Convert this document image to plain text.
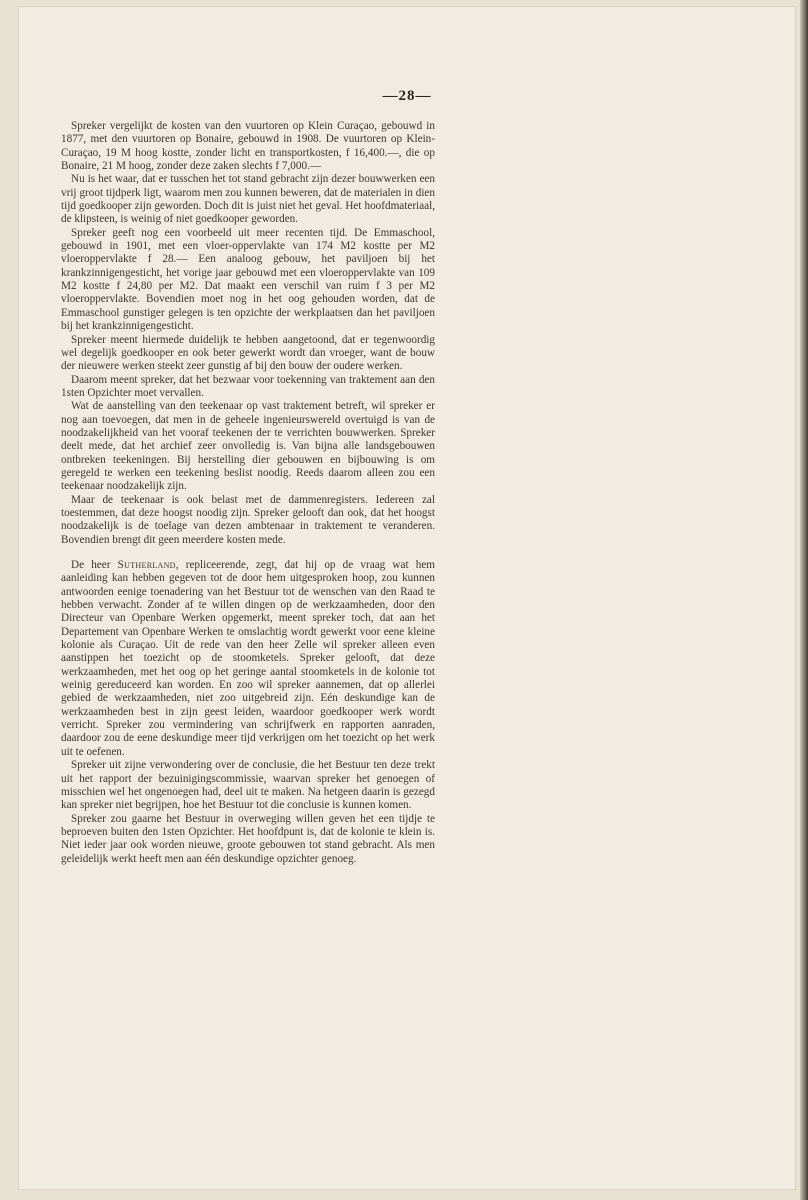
—28—

Spreker vergelijkt de kosten van den vuurtoren op Klein Curaçao, gebouwd in 1877, met den vuurtoren op Bonaire, gebouwd in 1908. De vuurtoren op Klein-Curaçao, 19 M hoog kostte, zonder licht en transportkosten, f 16,400.—, die op Bonaire, 21 M hoog, zonder deze zaken slechts f 7,000.—

Nu is het waar, dat er tusschen het tot stand gebracht zijn dezer bouwwerken een vrij groot tijdperk ligt, waarom men zou kunnen beweren, dat de materialen in dien tijd goedkooper zijn geworden. Doch dit is juist niet het geval. Het hoofdmateriaal, de klipsteen, is weinig of niet goedkooper geworden.

Spreker geeft nog een voorbeeld uit meer recenten tijd. De Emmaschool, gebouwd in 1901, met een vloer-oppervlakte van 174 M2 kostte per M2 vloeroppervlakte f 28.— Een analoog gebouw, het paviljoen bij het krankzinnigengesticht, het vorige jaar gebouwd met een vloeroppervlakte van 109 M2 kostte f 24,80 per M2. Dat maakt een verschil van ruim f 3 per M2 vloeroppervlakte. Bovendien moet nog in het oog gehouden worden, dat de Emmaschool gunstiger gelegen is ten opzichte der werkplaatsen dan het paviljoen bij het krankzinnigengesticht.

Spreker meent hiermede duidelijk te hebben aangetoond, dat er tegenwoordig wel degelijk goedkooper en ook beter gewerkt wordt dan vroeger, want de bouw der nieuwere werken steekt zeer gunstig af bij den bouw der oudere werken.

Daarom meent spreker, dat het bezwaar voor toekenning van traktement aan den 1sten Opzichter moet vervallen.

Wat de aanstelling van den teekenaar op vast traktement betreft, wil spreker er nog aan toevoegen, dat men in de geheele ingenieurswereld overtuigd is van de noodzakelijkheid van het vooraf teekenen der te verrichten bouwwerken. Spreker deelt mede, dat het archief zeer onvolledig is. Van bijna alle landsgebouwen ontbreken teekeningen. Bij herstelling dier gebouwen en bijbouwing is om geregeld te werken een teekening beslist noodig. Reeds daarom alleen zou een teekenaar noodzakelijk zijn.

Maar de teekenaar is ook belast met de dammenregisters. Iedereen zal toestemmen, dat deze hoogst noodig zijn. Spreker gelooft dan ook, dat het hoogst noodzakelijk is de toelage van dezen ambtenaar in traktement te veranderen. Bovendien brengt dit geen meerdere kosten mede.

De heer Sutherland, repliceerende, zegt, dat hij op de vraag wat hem aanleiding kan hebben gegeven tot de door hem uitgesproken hoop, zou kunnen antwoorden eenige toenadering van het Bestuur tot de wenschen van den Raad te hebben verwacht. Zonder af te willen dingen op de werkzaamheden, door den Directeur van Openbare Werken opgemerkt, meent spreker toch, dat aan het Departement van Openbare Werken te omslachtig wordt gewerkt voor eene kleine kolonie als Curaçao. Uit de rede van den heer Zelle wil spreker alleen even aanstippen het toezicht op de stoomketels. Spreker gelooft, dat deze werkzaamheden, met het oog op het geringe aantal stoomketels in de kolonie tot weinig gereduceerd kan worden. En zoo wil spreker aannemen, dat op allerlei gebied de werkzaamheden, niet zoo uitgebreid zijn. Eén deskundige kan de werkzaamheden best in zijn geest leiden, waardoor goedkooper werk wordt verricht. Spreker zou vermindering van schrijfwerk en rapporten aanraden, daardoor zou de eene deskundige meer tijd verkrijgen om het toezicht op het werk uit te oefenen.

Spreker uit zijne verwondering over de conclusie, die het Bestuur ten deze trekt uit het rapport der bezuinigingscommissie, waarvan spreker het genoegen of misschien wel het ongenoegen had, deel uit te maken. Na hetgeen daarin is gezegd kan spreker niet begrijpen, hoe het Bestuur tot die conclusie is kunnen komen.

Spreker zou gaarne het Bestuur in overweging willen geven het een tijdje te beproeven buiten den 1sten Opzichter. Het hoofdpunt is, dat de kolonie te klein is. Niet ieder jaar ook worden nieuwe, groote gebouwen tot stand gebracht. Als men geleidelijk werkt heeft men aan één deskundige opzichter genoeg.
